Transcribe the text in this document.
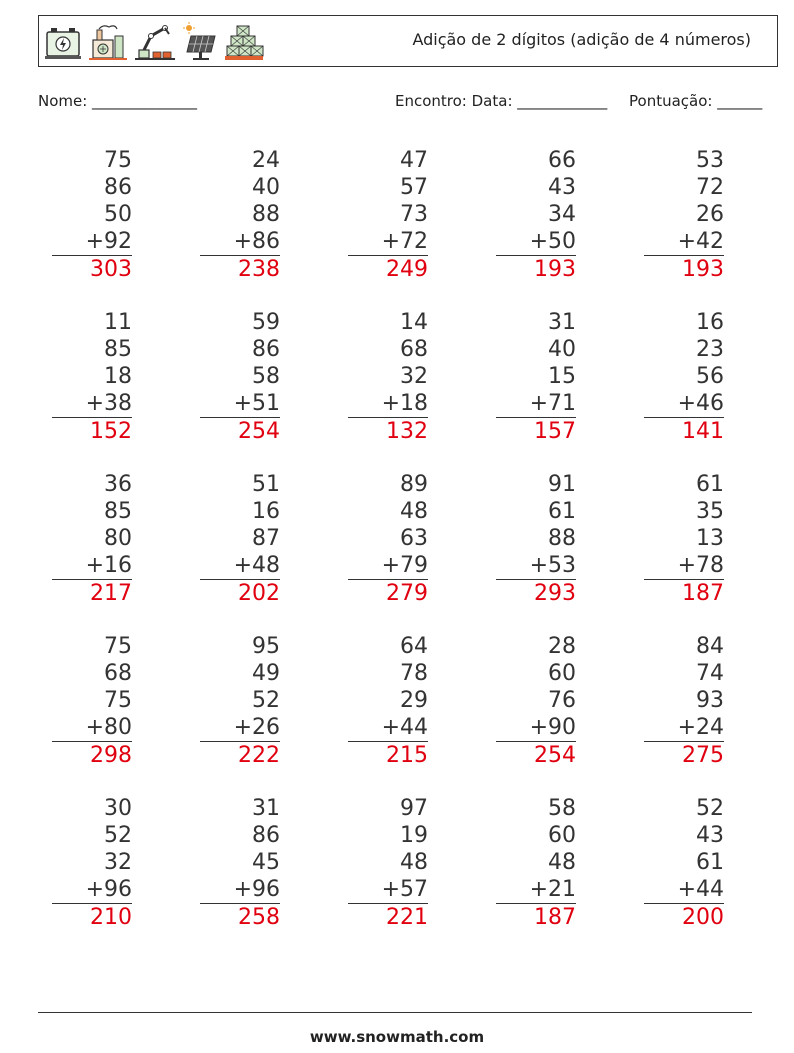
Adição de 2 dígitos (adição de 4 números)
Nome: ______________	Encontro: Data: ____________ Pontuação: ______
75
86
50
+92
303
24
40
88
+86
238
47
57
73
+72
249
66
43
34
+50
193
53
72
26
+42
193
11
85
18
+38
152
59
86
58
+51
254
14
68
32
+18
132
31
40
15
+71
157
16
23
56
+46
141
36
85
80
+16
217
51
16
87
+48
202
89
48
63
+79
279
91
61
88
+53
293
61
35
13
+78
187
75
68
75
+80
298
95
49
52
+26
222
64
78
29
+44
215
28
60
76
+90
254
84
74
93
+24
275
30
52
32
+96
210
31
86
45
+96
258
97
19
48
+57
221
58
60
48
+21
187
52
43
61
+44
200
www.snowmath.com
